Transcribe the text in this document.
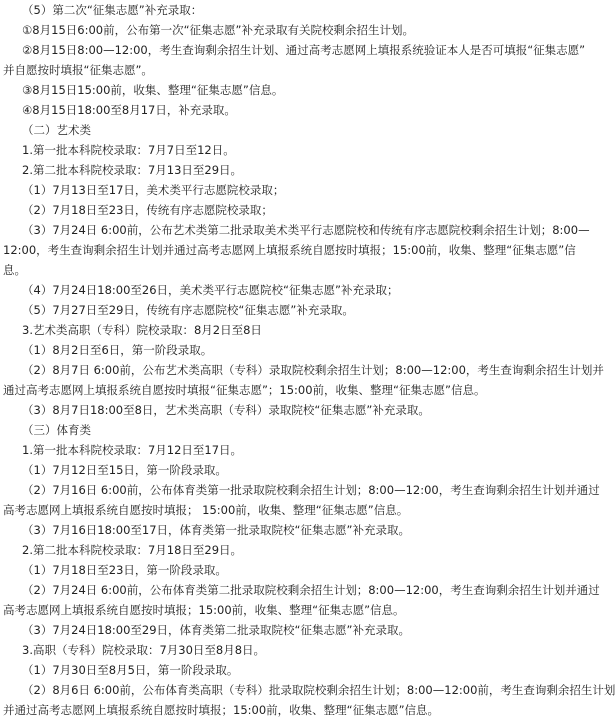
（5）第二次“征集志愿”补充录取：
①8月15日6:00前，公布第一次“征集志愿”补充录取有关院校剩余招生计划。
②8月15日8:00—12:00，考生查询剩余招生计划、通过高考志愿网上填报系统验证本人是否可填报“征集志愿”
并自愿按时填报“征集志愿”。
③8月15日15:00前，收集、整理“征集志愿”信息。
④8月15日18:00至8月17日，补充录取。
（二）艺术类
1.第一批本科院校录取：7月7日至12日。
2.第二批本科院校录取：7月13日至29日。
（1）7月13日至17日，美术类平行志愿院校录取；
（2）7月18日至23日，传统有序志愿院校录取；
（3）7月24日 6:00前，公布艺术类第二批录取美术类平行志愿院校和传统有序志愿院校剩余招生计划；8:00—
12:00，考生查询剩余招生计划并通过高考志愿网上填报系统自愿按时填报；15:00前，收集、整理“征集志愿”信
息。
（4）7月24日18:00至26日，美术类平行志愿院校“征集志愿”补充录取；
（5）7月27日至29日，传统有序志愿院校“征集志愿”补充录取。
3.艺术类高职（专科）院校录取：8月2日至8日
（1）8月2日至6日，第一阶段录取。
（2）8月7日 6:00前，公布艺术类高职（专科）录取院校剩余招生计划；8:00—12:00，考生查询剩余招生计划并
通过高考志愿网上填报系统自愿按时填报“征集志愿”；15:00前，收集、整理“征集志愿”信息。
（3）8月7日18:00至8日，艺术类高职（专科）录取院校“征集志愿”补充录取。
（三）体育类
1.第一批本科院校录取：7月12日至17日。
（1）7月12日至15日，第一阶段录取。
（2）7月16日 6:00前，公布体育类第一批录取院校剩余招生计划；8:00—12:00，考生查询剩余招生计划并通过
高考志愿网上填报系统自愿按时填报； 15:00前，收集、整理“征集志愿”信息。
（3）7月16日18:00至17日，体育类第一批录取院校“征集志愿”补充录取。
2.第二批本科院校录取：7月18日至29日。
（1）7月18日至23日，第一阶段录取。
（2）7月24日 6:00前，公布体育类第二批录取院校剩余招生计划；8:00—12:00，考生查询剩余招生计划并通过
高考志愿网上填报系统自愿按时填报；15:00前，收集、整理“征集志愿”信息。
（3）7月24日18:00至29日，体育类第二批录取院校“征集志愿”补充录取。
3.高职（专科）院校录取：7月30日至8月8日。
（1）7月30日至8月5日，第一阶段录取。
（2）8月6日 6:00前，公布体育类高职（专科）批录取院校剩余招生计划；8:00—12:00前，考生查询剩余招生计划
并通过高考志愿网上填报系统自愿按时填报；15:00前，收集、整理“征集志愿”信息。
